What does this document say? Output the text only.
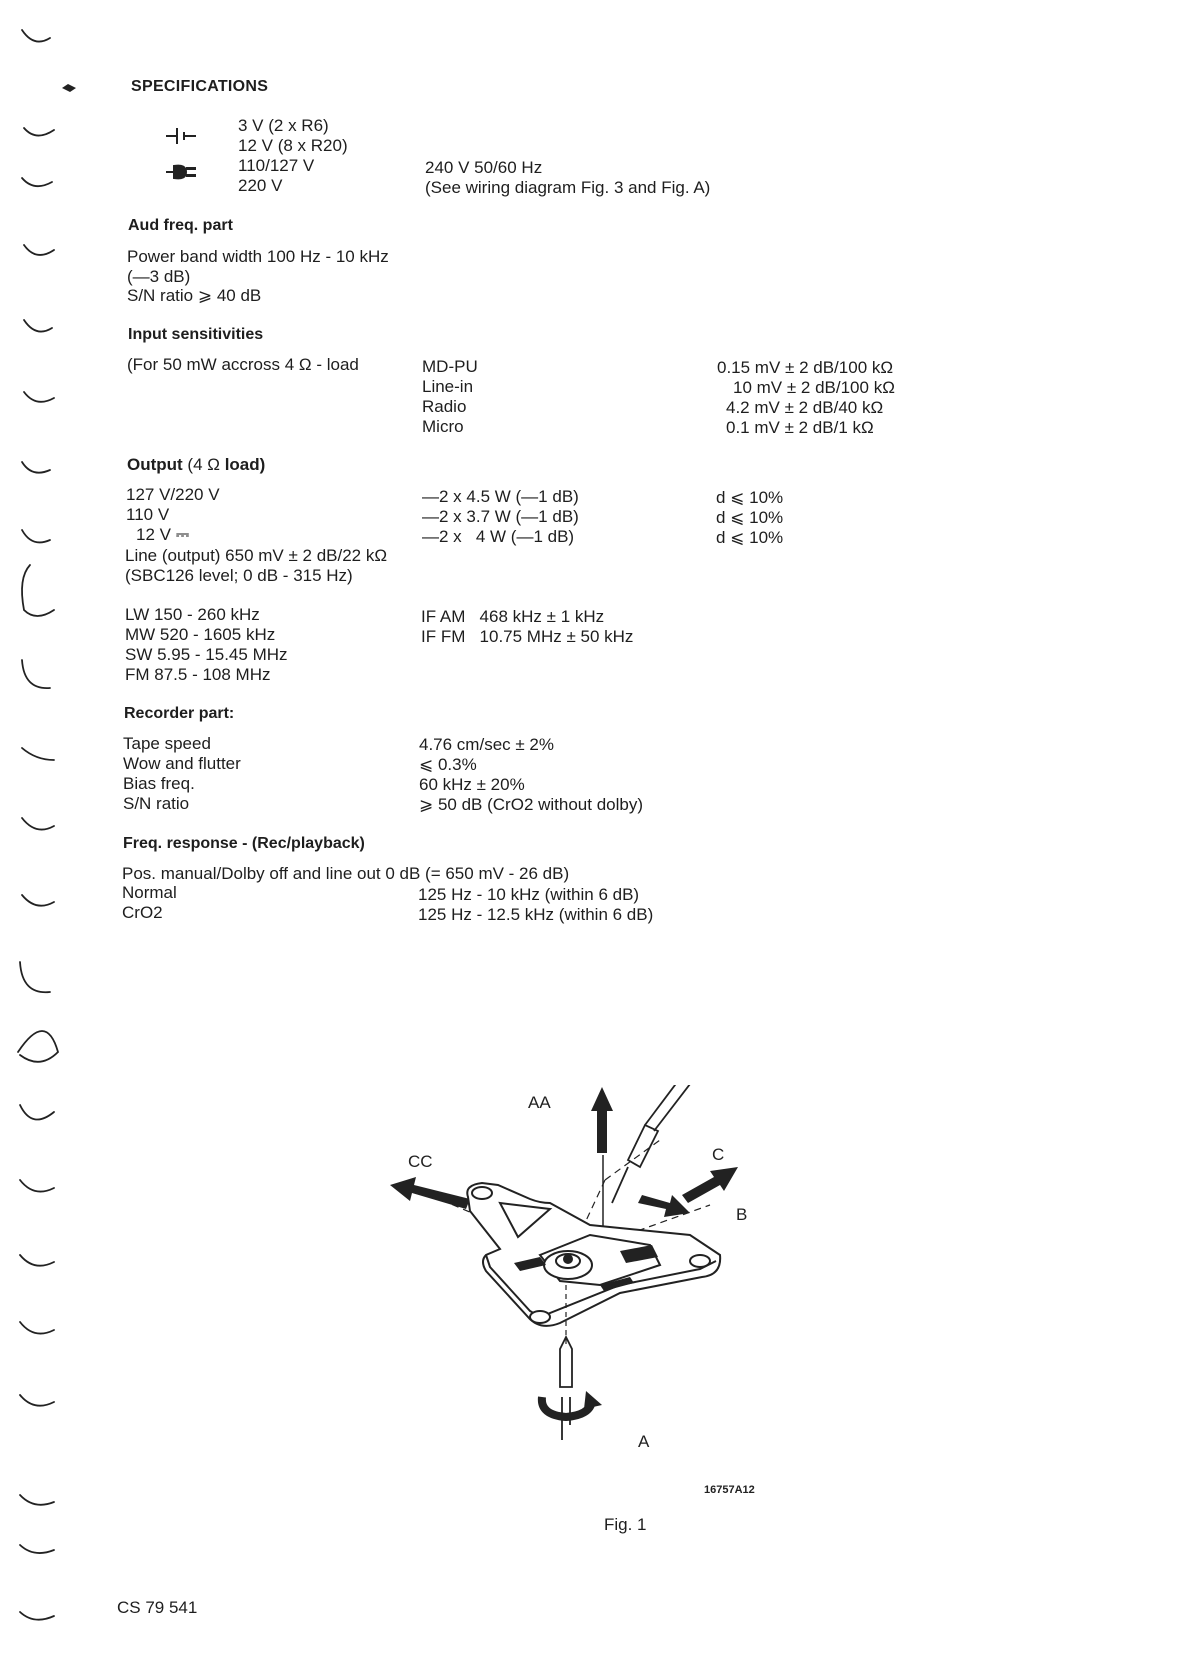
SPECIFICATIONS
3 V (2 x R6)
12 V (8 x R20)
110/127 V
220 V
240 V 50/60 Hz
(See wiring diagram Fig. 3 and Fig. A)
Aud freq. part
Power band width 100 Hz - 10 kHz
(—3 dB)
S/N ratio ⩾ 40 dB
Input sensitivities
(For 50 mW accross 4 Ω - load	MD-PU
Line-in
Radio
Micro
0.15 mV ± 2 dB/100 kΩ
10 mV ± 2 dB/100 kΩ
4.2 mV ± 2 dB/40 kΩ
0.1 mV ± 2 dB/1 kΩ
Output (4 Ω load)
127 V/220 V
110 V
12 V ⎓
—2 x 4.5 W (—1 dB)
—2 x 3.7 W (—1 dB)
—2 x   4 W (—1 dB)
d ⩽ 10%
d ⩽ 10%
d ⩽ 10%
Line (output) 650 mV ± 2 dB/22 kΩ
(SBC126 level; 0 dB - 315 Hz)
LW 150 - 260 kHz
MW 520 - 1605 kHz
SW 5.95 - 15.45 MHz
FM 87.5 - 108 MHz
IF AM   468 kHz ± 1 kHz
IF FM   10.75 MHz ± 50 kHz
Recorder part:
Tape speed
Wow and flutter
Bias freq.
S/N ratio
4.76 cm/sec ± 2%
⩽ 0.3%
60 kHz ± 20%
⩾ 50 dB (CrO2 without dolby)
Freq. response - (Rec/playback)
Pos. manual/Dolby off and line out 0 dB (= 650 mV - 26 dB)
Normal
CrO2
125 Hz - 10 kHz (within 6 dB)
125 Hz - 12.5 kHz (within 6 dB)
AA
C
CC
B
A
16757A12
Fig. 1
CS 79 541
